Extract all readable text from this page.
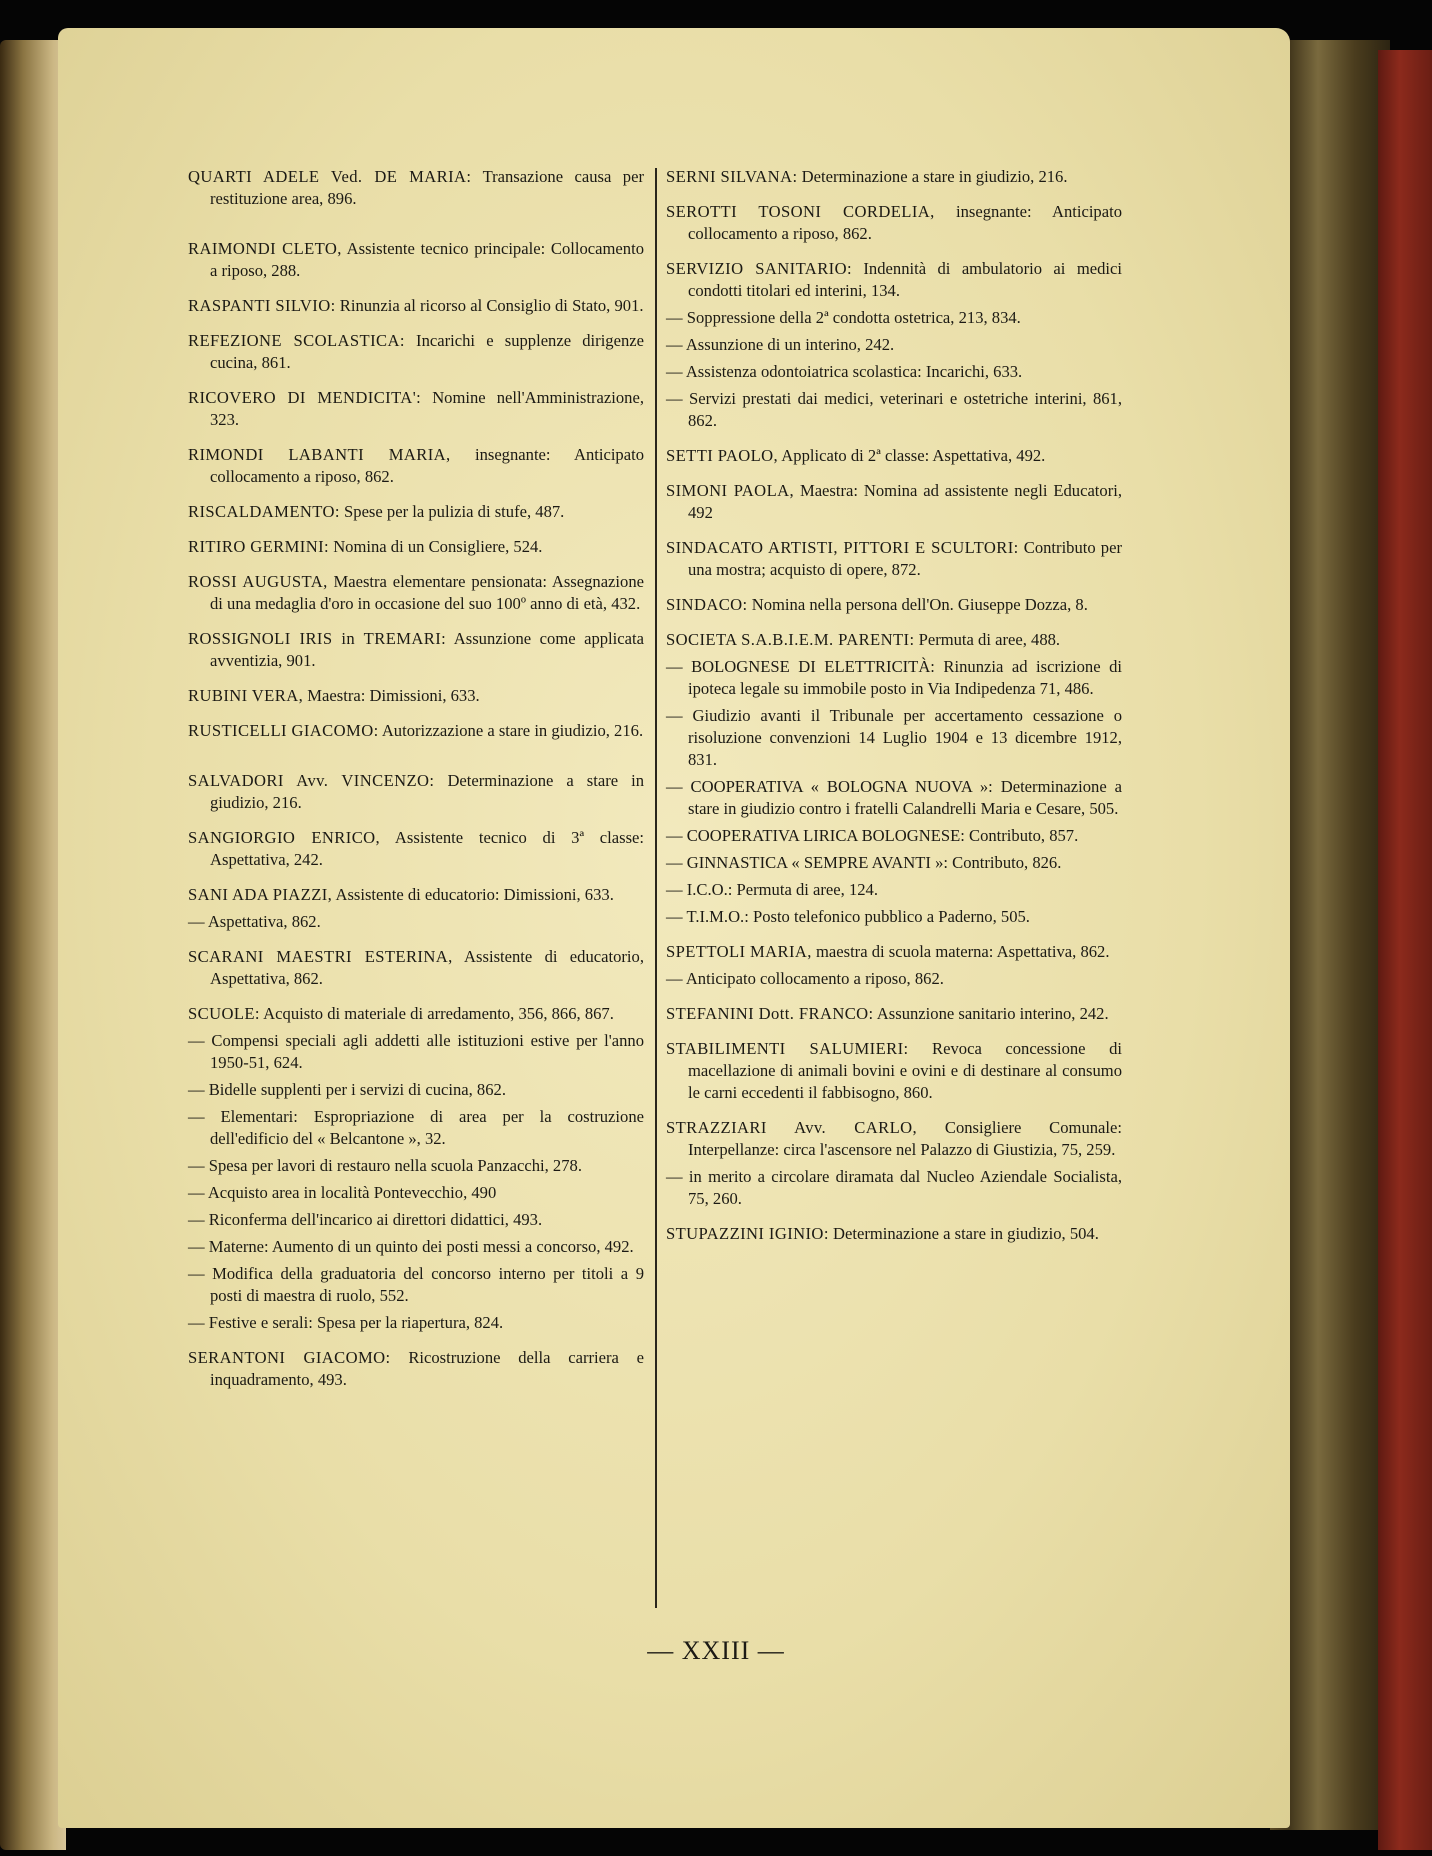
QUARTI ADELE Ved. DE MARIA: Transazione causa per restituzione area, 896.
RAIMONDI CLETO, Assistente tecnico principale: Collocamento a riposo, 288.
RASPANTI SILVIO: Rinunzia al ricorso al Consiglio di Stato, 901.
REFEZIONE SCOLASTICA: Incarichi e supplenze dirigenze cucina, 861.
RICOVERO DI MENDICITA': Nomine nell'Amministrazione, 323.
RIMONDI LABANTI MARIA, insegnante: Anticipato collocamento a riposo, 862.
RISCALDAMENTO: Spese per la pulizia di stufe, 487.
RITIRO GERMINI: Nomina di un Consigliere, 524.
ROSSI AUGUSTA, Maestra elementare pensionata: Assegnazione di una medaglia d'oro in occasione del suo 100º anno di età, 432.
ROSSIGNOLI IRIS in TREMARI: Assunzione come applicata avventizia, 901.
RUBINI VERA, Maestra: Dimissioni, 633.
RUSTICELLI GIACOMO: Autorizzazione a stare in giudizio, 216.
SALVADORI Avv. VINCENZO: Determinazione a stare in giudizio, 216.
SANGIORGIO ENRICO, Assistente tecnico di 3ª classe: Aspettativa, 242.
SANI ADA PIAZZI, Assistente di educatorio: Dimissioni, 633.
— Aspettativa, 862.
SCARANI MAESTRI ESTERINA, Assistente di educatorio, Aspettativa, 862.
SCUOLE: Acquisto di materiale di arredamento, 356, 866, 867.
— Compensi speciali agli addetti alle istituzioni estive per l'anno 1950-51, 624.
— Bidelle supplenti per i servizi di cucina, 862.
— Elementari: Espropriazione di area per la costruzione dell'edificio del « Belcantone », 32.
— Spesa per lavori di restauro nella scuola Panzacchi, 278.
— Acquisto area in località Pontevecchio, 490
— Riconferma dell'incarico ai direttori didattici, 493.
— Materne: Aumento di un quinto dei posti messi a concorso, 492.
— Modifica della graduatoria del concorso interno per titoli a 9 posti di maestra di ruolo, 552.
— Festive e serali: Spesa per la riapertura, 824.
SERANTONI GIACOMO: Ricostruzione della carriera e inquadramento, 493.
SERNI SILVANA: Determinazione a stare in giudizio, 216.
SEROTTI TOSONI CORDELIA, insegnante: Anticipato collocamento a riposo, 862.
SERVIZIO SANITARIO: Indennità di ambulatorio ai medici condotti titolari ed interini, 134.
— Soppressione della 2ª condotta ostetrica, 213, 834.
— Assunzione di un interino, 242.
— Assistenza odontoiatrica scolastica: Incarichi, 633.
— Servizi prestati dai medici, veterinari e ostetriche interini, 861, 862.
SETTI PAOLO, Applicato di 2ª classe: Aspettativa, 492.
SIMONI PAOLA, Maestra: Nomina ad assistente negli Educatori, 492
SINDACATO ARTISTI, PITTORI E SCULTORI: Contributo per una mostra; acquisto di opere, 872.
SINDACO: Nomina nella persona dell'On. Giuseppe Dozza, 8.
SOCIETA S.A.B.I.E.M. PARENTI: Permuta di aree, 488.
— BOLOGNESE DI ELETTRICITÀ: Rinunzia ad iscrizione di ipoteca legale su immobile posto in Via Indipedenza 71, 486.
— Giudizio avanti il Tribunale per accertamento cessazione o risoluzione convenzioni 14 Luglio 1904 e 13 dicembre 1912, 831.
— COOPERATIVA « BOLOGNA NUOVA »: Determinazione a stare in giudizio contro i fratelli Calandrelli Maria e Cesare, 505.
— COOPERATIVA LIRICA BOLOGNESE: Contributo, 857.
— GINNASTICA « SEMPRE AVANTI »: Contributo, 826.
— I.C.O.: Permuta di aree, 124.
— T.I.M.O.: Posto telefonico pubblico a Paderno, 505.
SPETTOLI MARIA, maestra di scuola materna: Aspettativa, 862.
— Anticipato collocamento a riposo, 862.
STEFANINI Dott. FRANCO: Assunzione sanitario interino, 242.
STABILIMENTI SALUMIERI: Revoca concessione di macellazione di animali bovini e ovini e di destinare al consumo le carni eccedenti il fabbisogno, 860.
STRAZZIARI Avv. CARLO, Consigliere Comunale: Interpellanze: circa l'ascensore nel Palazzo di Giustizia, 75, 259.
— in merito a circolare diramata dal Nucleo Aziendale Socialista, 75, 260.
STUPAZZINI IGINIO: Determinazione a stare in giudizio, 504.
— XXIII —
